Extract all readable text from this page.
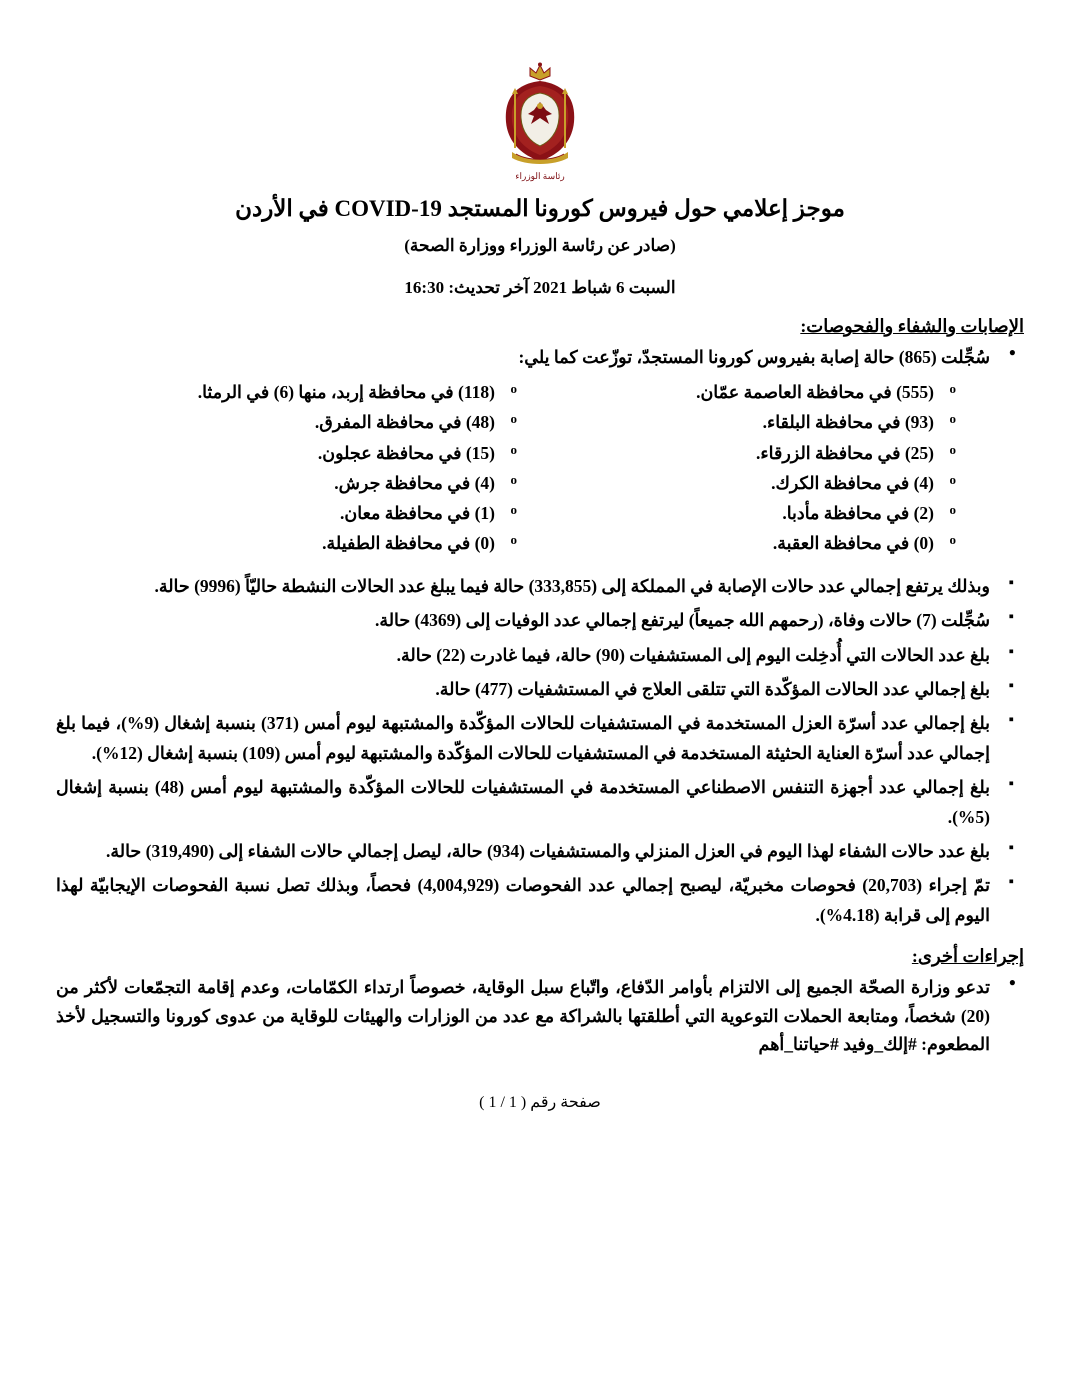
رئاسة الوزراء
موجز إعلامي حول فيروس كورونا المستجد COVID-19 في الأردن
(صادر عن رئاسة الوزراء ووزارة الصحة)
السبت 6 شباط 2021 آخر تحديث: 16:30
الإصابات والشفاء والفحوصات:
● سُجِّلت (865) حالة إصابة بفيروس كورونا المستجدّ، توزّعت كما يلي:
o (555) في محافظة العاصمة عمّان.
o (93) في محافظة البلقاء.
o (25) في محافظة الزرقاء.
o (4) في محافظة الكرك.
o (2) في محافظة مأدبا.
o (0) في محافظة العقبة.
o (118) في محافظة إربد، منها (6) في الرمثا.
o (48) في محافظة المفرق.
o (15) في محافظة عجلون.
o (4) في محافظة جرش.
o (1) في محافظة معان.
o (0) في محافظة الطفيلة.
▪ وبذلك يرتفع إجمالي عدد حالات الإصابة في المملكة إلى (333,855) حالة فيما يبلغ عدد الحالات النشطة حاليّاً (9996) حالة.
▪ سُجِّلت (7) حالات وفاة، (رحمهم الله جميعاً) ليرتفع إجمالي عدد الوفيات إلى (4369) حالة.
▪ بلغ عدد الحالات التي أُدخِلت اليوم إلى المستشفيات (90) حالة، فيما غادرت (22) حالة.
▪ بلغ إجمالي عدد الحالات المؤكّدة التي تتلقى العلاج في المستشفيات (477) حالة.
▪ بلغ إجمالي عدد أسرّة العزل المستخدمة في المستشفيات للحالات المؤكّدة والمشتبهة ليوم أمس (371) بنسبة إشغال (9%)، فيما بلغ إجمالي عدد أسرّة العناية الحثيثة المستخدمة في المستشفيات للحالات المؤكّدة والمشتبهة ليوم أمس (109) بنسبة إشغال (12%).
▪ بلغ إجمالي عدد أجهزة التنفس الاصطناعي المستخدمة في المستشفيات للحالات المؤكّدة والمشتبهة ليوم أمس (48) بنسبة إشغال (5%).
▪ بلغ عدد حالات الشفاء لهذا اليوم في العزل المنزلي والمستشفيات (934) حالة، ليصل إجمالي حالات الشفاء إلى (319,490) حالة.
▪ تمّ إجراء (20,703) فحوصات مخبريّة، ليصبح إجمالي عدد الفحوصات (4,004,929) فحصاً، وبذلك تصل نسبة الفحوصات الإيجابيّة لهذا اليوم إلى قرابة (4.18%).
إجراءات أخرى:
● تدعو وزارة الصحّة الجميع إلى الالتزام بأوامر الدّفاع، واتّباع سبل الوقاية، خصوصاً ارتداء الكمّامات، وعدم إقامة التجمّعات لأكثر من (20) شخصاً، ومتابعة الحملات التوعوية التي أطلقتها بالشراكة مع عدد من الوزارات والهيئات للوقاية من عدوى كورونا والتسجيل لأخذ المطعوم: #إلك_وفيد #حياتنا_أهم
صفحة رقم ( 1 / 1 )
